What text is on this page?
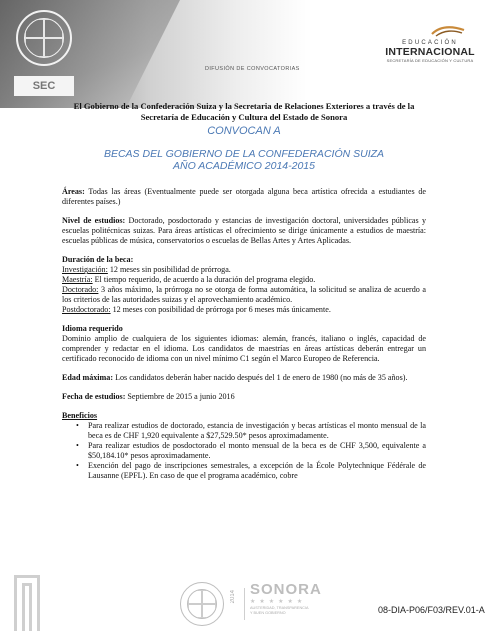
SEC
DIFUSIÓN DE CONVOCATORIAS
EDUCACIÓN
INTERNACIONAL
SECRETARÍA DE EDUCACIÓN Y CULTURA
El Gobierno de la Confederación Suiza y la Secretaria de Relaciones Exteriores a través de la Secretaría de Educación y Cultura del Estado de Sonora
CONVOCAN A
BECAS DEL GOBIERNO DE LA CONFEDERACIÓN SUIZA
AÑO ACADÉMICO 2014-2015
Áreas: Todas las áreas (Eventualmente puede ser otorgada alguna beca artística ofrecida a estudiantes de diferentes países.)
Nivel de estudios: Doctorado, posdoctorado y estancias de investigación doctoral, universidades públicas y escuelas politécnicas suizas. Para áreas artísticas el ofrecimiento se dirige únicamente a estudios de maestría: escuelas públicas de música, conservatorios o escuelas de Bellas Artes y Artes Aplicadas.
Duración de la beca:
Investigación: 12 meses sin posibilidad de prórroga.
Maestría: El tiempo requerido, de acuerdo a la duración del programa elegido.
Doctorado: 3 años máximo, la prórroga no se otorga de forma automática, la solicitud se analiza de acuerdo a los criterios de las autoridades suizas y el aprovechamiento académico.
Postdoctorado: 12 meses con posibilidad de prórroga por 6 meses más únicamente.
Idioma requerido
Dominio amplio de cualquiera de los siguientes idiomas: alemán, francés, italiano o inglés, capacidad de comprender y redactar en el idioma. Los candidatos de maestrías en áreas artísticas deberán entregar un certificado reconocido de idioma con un nivel mínimo C1 según el Marco Europeo de Referencia.
Edad máxima: Los candidatos deberán haber nacido después del 1 de enero de 1980 (no más de 35 años).
Fecha de estudios: Septiembre de 2015 a junio 2016
Beneficios
• Para realizar estudios de doctorado, estancia de investigación y becas artísticas el monto mensual de la beca es de CHF 1,920 equivalente a $27,529.50* pesos aproximadamente.
• Para realizar estudios de posdoctorado el monto mensual de la beca es de CHF 3,500, equivalente a $50,184.10* pesos aproximadamente.
• Exención del pago de inscripciones semestrales, a excepción de la École Polytechnique Fédérale de Lausanne (EPFL). En caso de que el programa académico, cobre
2014 SONORA
★★★★★★
AUSTERIDAD, TRANSPARENCIA
Y BUEN GOBIERNO	08-DIA-P06/F03/REV.01-A
